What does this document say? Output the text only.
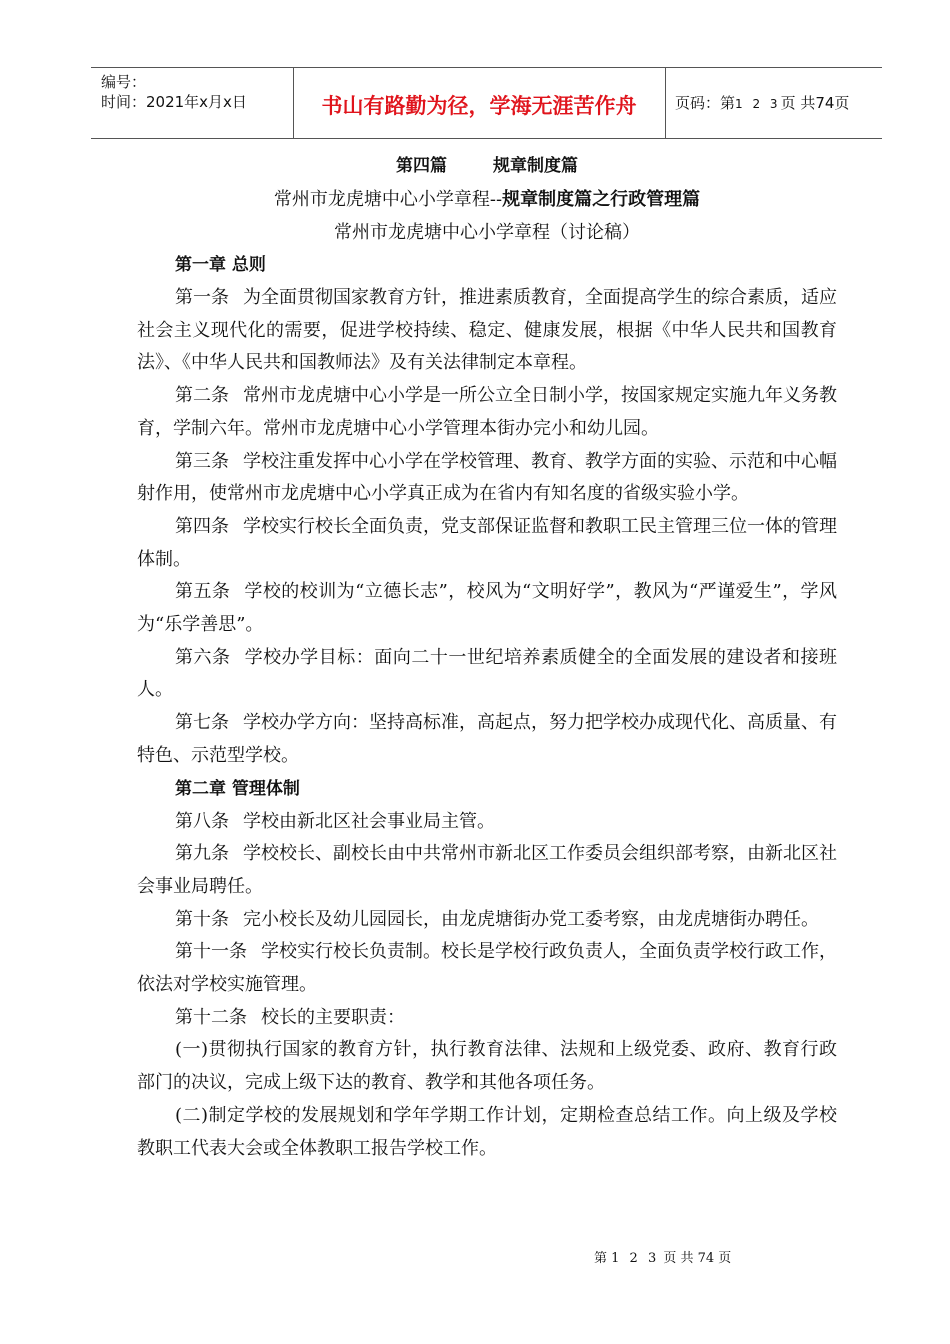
编号：
时间：2021年x月x日	书山有路勤为径，学海无涯苦作舟	页码：第1 2 3页 共74页
第四篇 规章制度篇
常州市龙虎塘中心小学章程--规章制度篇之行政管理篇
常州市龙虎塘中心小学章程（讨论稿）
第一章 总则

第一条 为全面贯彻国家教育方针，推进素质教育，全面提高学生的综合素质，适应社会主义现代化的需要，促进学校持续、稳定、健康发展，根据《中华人民共和国教育法》、《中华人民共和国教师法》及有关法律制定本章程。

第二条 常州市龙虎塘中心小学是一所公立全日制小学，按国家规定实施九年义务教育，学制六年。常州市龙虎塘中心小学管理本街办完小和幼儿园。

第三条 学校注重发挥中心小学在学校管理、教育、教学方面的实验、示范和中心幅射作用，使常州市龙虎塘中心小学真正成为在省内有知名度的省级实验小学。

第四条 学校实行校长全面负责，党支部保证监督和教职工民主管理三位一体的管理体制。

第五条 学校的校训为“立德长志”，校风为“文明好学”，教风为“严谨爱生”，学风为“乐学善思”。

第六条 学校办学目标：面向二十一世纪培养素质健全的全面发展的建设者和接班人。

第七条 学校办学方向：坚持高标准，高起点，努力把学校办成现代化、高质量、有特色、示范型学校。

第二章 管理体制

第八条 学校由新北区社会事业局主管。

第九条 学校校长、副校长由中共常州市新北区工作委员会组织部考察，由新北区社会事业局聘任。

第十条 完小校长及幼儿园园长，由龙虎塘街办党工委考察，由龙虎塘街办聘任。

第十一条 学校实行校长负责制。校长是学校行政负责人，全面负责学校行政工作，依法对学校实施管理。

第十二条 校长的主要职责：

(一)贯彻执行国家的教育方针，执行教育法律、法规和上级党委、政府、教育行政部门的决议，完成上级下达的教育、教学和其他各项任务。

(二)制定学校的发展规划和学年学期工作计划，定期检查总结工作。向上级及学校教职工代表大会或全体教职工报告学校工作。

第 1 2 3 页 共 74 页
